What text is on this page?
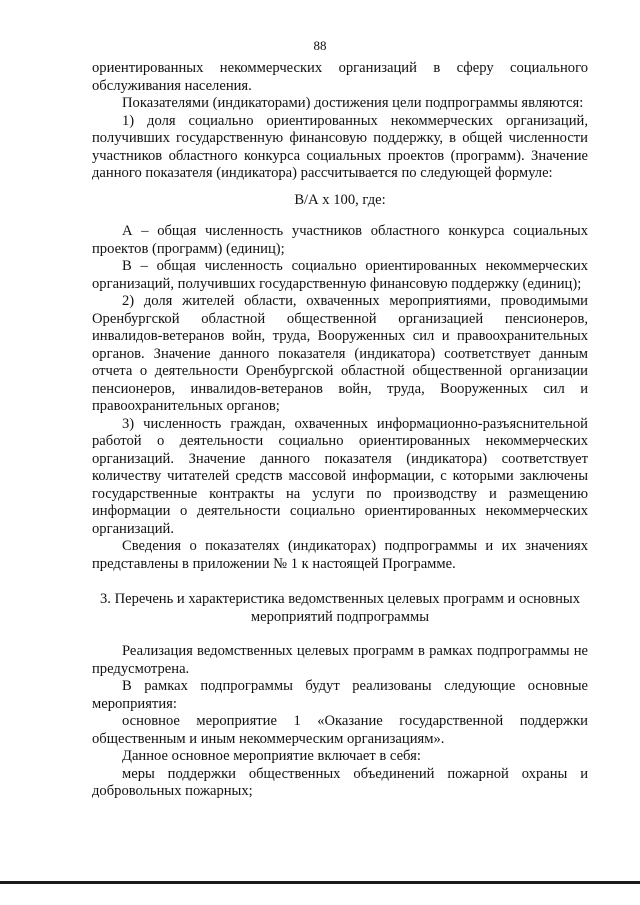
88

ориентированных некоммерческих организаций в сферу социального обслуживания населения.

Показателями (индикаторами) достижения цели подпрограммы являются:

1) доля социально ориентированных некоммерческих организаций, получивших государственную финансовую поддержку, в общей численности участников областного конкурса социальных проектов (программ). Значение данного показателя (индикатора) рассчитывается по следующей формуле:

В/А х 100, где:

А – общая численность участников областного конкурса социальных проектов (программ) (единиц);

В – общая численность социально ориентированных некоммерческих организаций, получивших государственную финансовую поддержку (единиц);

2) доля жителей области, охваченных мероприятиями, проводимыми Оренбургской областной общественной организацией пенсионеров, инвалидов-ветеранов войн, труда, Вооруженных сил и правоохранительных органов. Значение данного показателя (индикатора) соответствует данным отчета о деятельности Оренбургской областной общественной организации пенсионеров, инвалидов-ветеранов войн, труда, Вооруженных сил и правоохранительных органов;

3) численность граждан, охваченных информационно-разъяснительной работой о деятельности социально ориентированных некоммерческих организаций. Значение данного показателя (индикатора) соответствует количеству читателей средств массовой информации, с которыми заключены государственные контракты на услуги по производству и размещению информации о деятельности социально ориентированных некоммерческих организаций.

Сведения о показателях (индикаторах) подпрограммы и их значениях представлены в приложении № 1 к настоящей Программе.

3. Перечень и характеристика ведомственных целевых программ и основных мероприятий подпрограммы

Реализация ведомственных целевых программ в рамках подпрограммы не предусмотрена.

В рамках подпрограммы будут реализованы следующие основные мероприятия:

основное мероприятие 1 «Оказание государственной поддержки общественным и иным некоммерческим организациям».

Данное основное мероприятие включает в себя:

меры поддержки общественных объединений пожарной охраны и добровольных пожарных;
